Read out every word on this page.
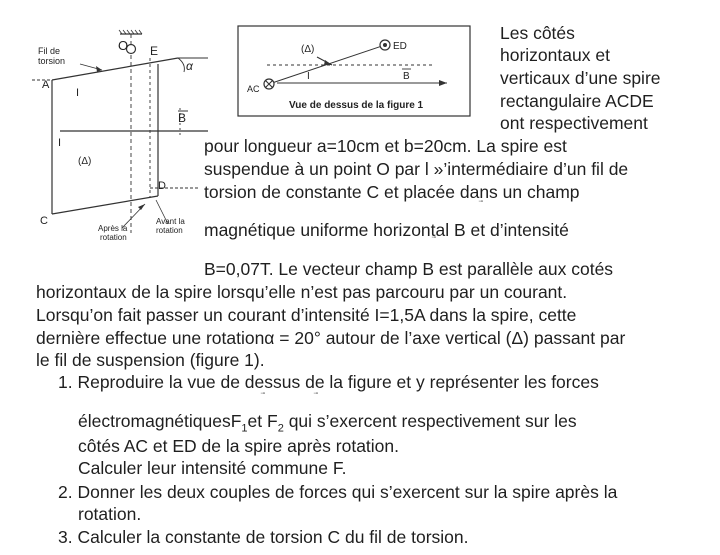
Fil de
torsion
O E
A
α
I
I
(Δ)
B
D
C
Après la
rotation
Avant la
rotation
(Δ)	ED
AC
I	B
Vue de dessus de la figure 1
Les côtés
horizontaux et
verticaux d’une spire
rectangulaire ACDE
ont respectivement
pour longueur a=10cm et b=20cm. La spire est
suspendue à un point O par l »’intermédiaire d’un fil de
torsion de constante C et placée dans un champ
magnétique uniforme horizontal B et d’intensité
B=0,07T. Le vecteur champ B est parallèle aux cotés
horizontaux de la spire lorsqu’elle n’est pas parcouru par un courant.
Lorsqu’on fait passer un courant d’intensité I=1,5A dans la spire, cette
dernière effectue une rotationα = 20° autour de l’axe vertical (Δ) passant par
le fil de suspension (figure 1).
1. Reproduire la vue de dessus de la figure et y représenter les forces
électromagnétiquesF$_1$et $F_2$ qui s’exercent respectivement sur les
côtés AC et ED de la spire après rotation.
Calculer leur intensité commune F.
2. Donner les deux couples de forces qui s’exercent sur la spire après la
rotation.
3. Calculer la constante de torsion C du fil de torsion.
